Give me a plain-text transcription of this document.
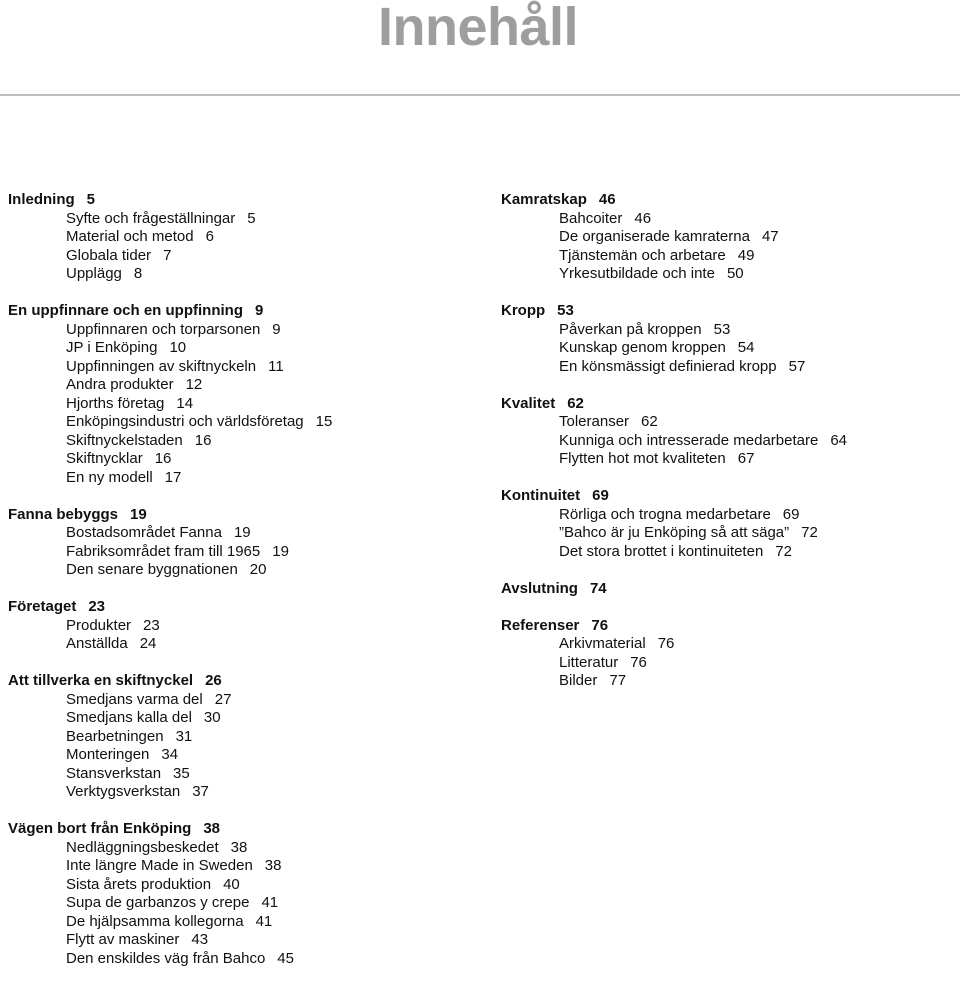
Innehåll
Inledning 5
Syfte och frågeställningar 5
Material och metod 6
Globala tider 7
Upplägg 8
En uppfinnare och en uppfinning 9
Uppfinnaren och torparsonen 9
JP i Enköping 10
Uppfinningen av skiftnyckeln 11
Andra produkter 12
Hjorths företag 14
Enköpingsindustri och världsföretag 15
Skiftnyckelstaden 16
Skiftnycklar 16
En ny modell 17
Fanna bebyggs 19
Bostadsområdet Fanna 19
Fabriksområdet fram till 1965 19
Den senare byggnationen 20
Företaget 23
Produkter 23
Anställda 24
Att tillverka en skiftnyckel 26
Smedjans varma del 27
Smedjans kalla del 30
Bearbetningen 31
Monteringen 34
Stansverkstan 35
Verktygsverkstan 37
Vägen bort från Enköping 38
Nedläggningsbeskedet 38
Inte längre Made in Sweden 38
Sista årets produktion 40
Supa de garbanzos y crepe 41
De hjälpsamma kollegorna 41
Flytt av maskiner 43
Den enskildes väg från Bahco 45
Kamratskap 46
Bahcoiter 46
De organiserade kamraterna 47
Tjänstemän och arbetare 49
Yrkesutbildade och inte 50
Kropp 53
Påverkan på kroppen 53
Kunskap genom kroppen 54
En könsmässigt definierad kropp 57
Kvalitet 62
Toleranser 62
Kunniga och intresserade medarbetare 64
Flytten hot mot kvaliteten 67
Kontinuitet 69
Rörliga och trogna medarbetare 69
”Bahco är ju Enköping så att säga” 72
Det stora brottet i kontinuiteten 72
Avslutning 74
Referenser 76
Arkivmaterial 76
Litteratur 76
Bilder 77
